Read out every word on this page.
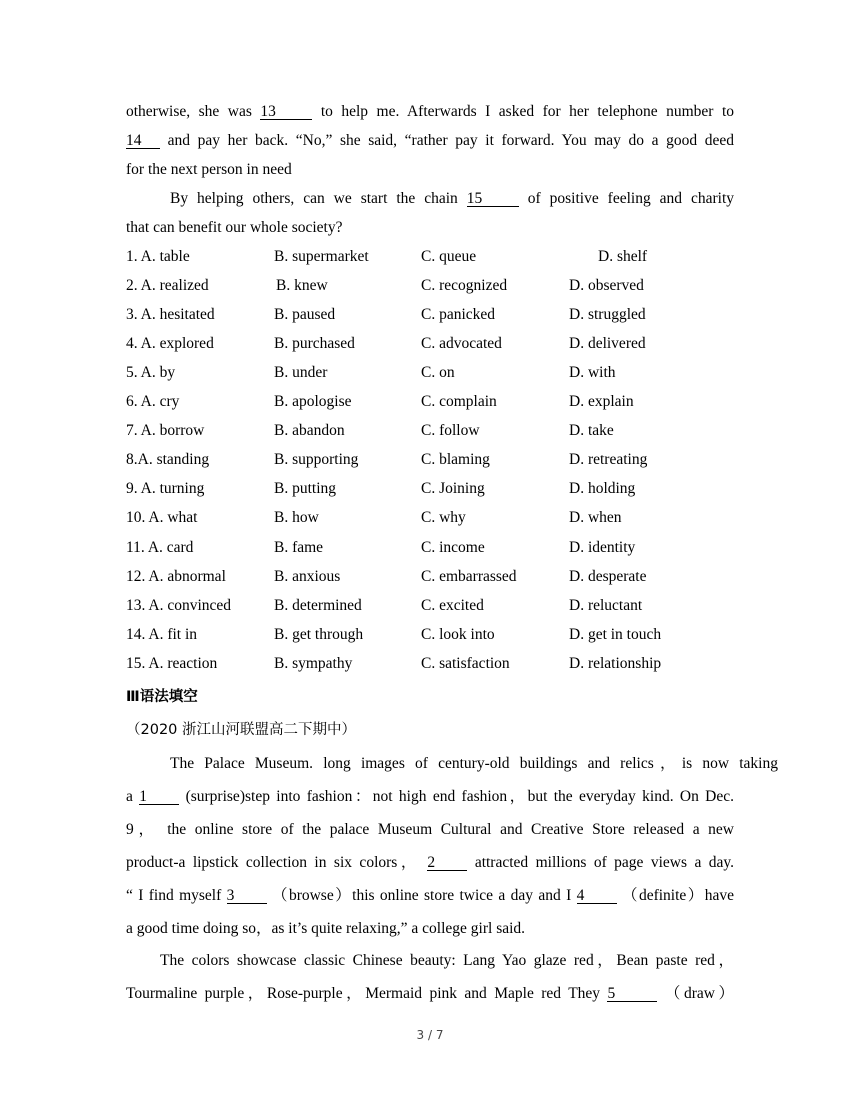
otherwise, she was 13	to help me. Afterwards I asked for her telephone number to
14 and pay her back. “No,” she said, “rather pay it forward. You may do a good deed
for the next person in need
By helping others, can we start the chain 15	of positive feeling and charity
that can benefit our whole society?
1. A. table	B. supermarket	C. queue	D. shelf
2. A. realized	B. knew	C. recognized	D. observed
3. A. hesitated	B. paused	C. panicked	D. struggled
4. A. explored	B. purchased	C. advocated	D. delivered
5. A. by	B. under	C. on	D. with
6. A. cry	B. apologise	C. complain	D. explain
7. A. borrow	B. abandon	C. follow	D. take
8.A. standing	B. supporting	C. blaming	D. retreating
9. A. turning	B. putting	C. Joining	D. holding
10. A. what	B. how	C. why	D. when
11. A. card	B. fame	C. income	D. identity
12. A. abnormal	B. anxious	C. embarrassed	D. desperate
13. A. convinced	B. determined	C. excited	D. reluctant
14. A. fit in	B. get through	C. look into	D. get in touch
15. A. reaction	B. sympathy	C. satisfaction	D. relationship
Ⅲ语法填空
（2020 浙江山河联盟高二下期中）
The Palace Museum. long images of century-old buildings and relics，is now taking
a 1 (surprise)step into fashion：not high end fashion，but the everyday kind. On Dec.
9， the online store of the palace Museum Cultural and Creative Store released a new
product-a lipstick collection in six colors， 2	attracted millions of page views a day.
“ I find myself 3 （browse）this online store twice a day and I 4 （definite）have
a good time doing so，as it’s quite relaxing,” a college girl said.
The colors showcase classic Chinese beauty: Lang Yao glaze red，Bean paste red，
Tourmaline purple，Rose-purple，Mermaid pink and Maple red They 5	（draw）
3 / 7
